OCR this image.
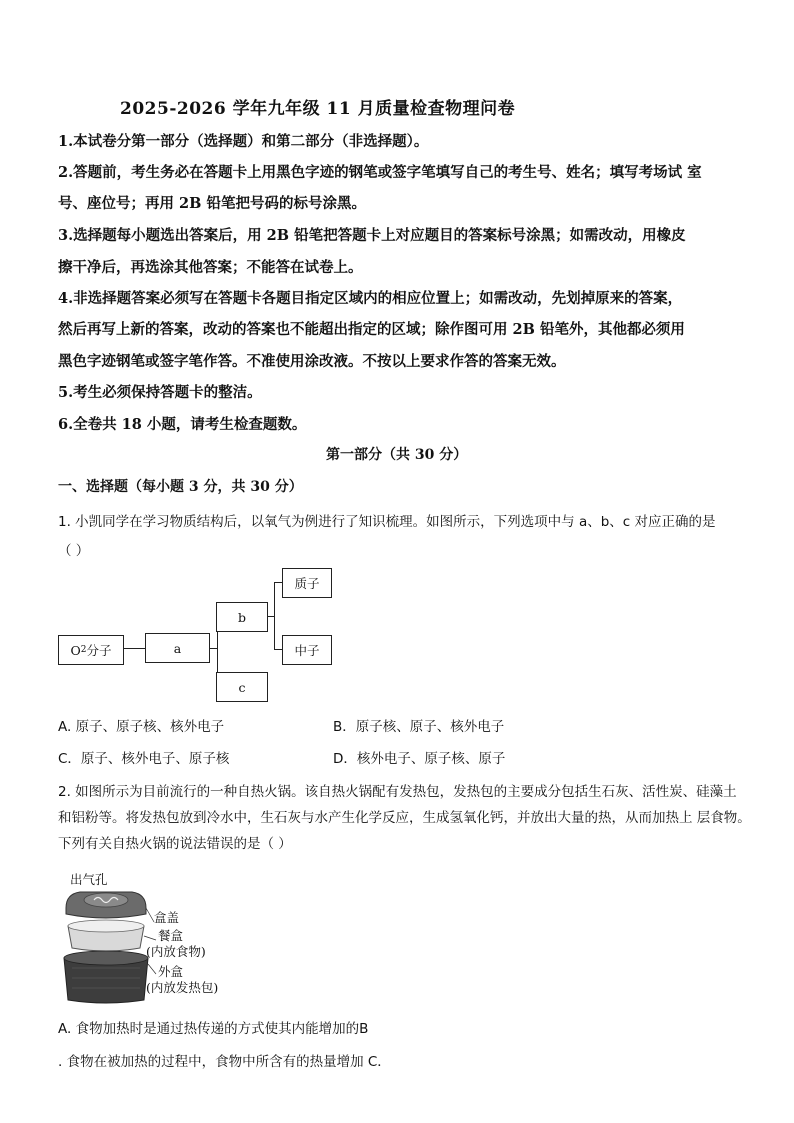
2025-2026 学年九年级 11 月质量检查物理问卷
1.本试卷分第一部分（选择题）和第二部分（非选择题）。
2.答题前，考生务必在答题卡上用黑色字迹的钢笔或签字笔填写自己的考生号、姓名；填写考场试 室
号、座位号；再用 2B 铅笔把号码的标号涂黑。
3.选择题每小题选出答案后，用 2B 铅笔把答题卡上对应题目的答案标号涂黑；如需改动，用橡皮
擦干净后，再选涂其他答案；不能答在试卷上。
4.非选择题答案必须写在答题卡各题目指定区域内的相应位置上；如需改动，先划掉原来的答案，
然后再写上新的答案，改动的答案也不能超出指定的区域；除作图可用 2B 铅笔外，其他都必须用
黑色字迹钢笔或签字笔作答。不准使用涂改液。不按以上要求作答的答案无效。
5.考生必须保持答题卡的整洁。
6.全卷共 18 小题，请考生检查题数。
第一部分（共 30 分）
一、选择题（每小题 3 分，共 30 分）
1. 小凯同学在学习物质结构后，以氧气为例进行了知识梳理。如图所示，下列选项中与 a、b、c 对应正确的是
（ ）
O 2 分子	a
b
c
质子
中子
A. 原子、原子核、核外电子	B．原子核、原子、核外电子
C．原子、核外电子、原子核	D．核外电子、原子核、原子
2. 如图所示为目前流行的一种自热火锅。该自热火锅配有发热包，发热包的主要成分包括生石灰、活性炭、硅藻土
和铝粉等。将发热包放到冷水中，生石灰与水产生化学反应，生成氢氧化钙，并放出大量的热，从而加热上 层食物。
下列有关自热火锅的说法错误的是（ ）
出气孔
盒盖
餐盒
(内放食物)
外盒
(内放发热包)
A. 食物加热时是通过热传递的方式使其内能增加的B
. 食物在被加热的过程中，食物中所含有的热量增加 C．
